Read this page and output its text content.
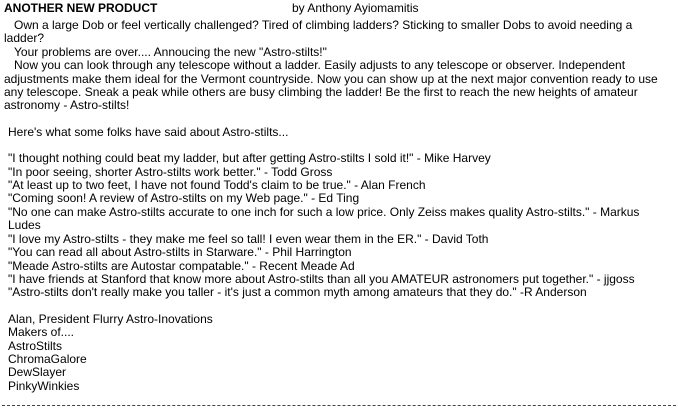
ANOTHER NEW PRODUCT	by Anthony Ayiomamitis

Own a large Dob or feel vertically challenged? Tired of climbing ladders? Sticking to smaller Dobs to avoid needing a ladder?

Your problems are over.... Annoucing the new "Astro-stilts!"

Now you can look through any telescope without a ladder. Easily adjusts to any telescope or observer. Independent adjustments make them ideal for the Vermont countryside. Now you can show up at the next major convention ready to use any telescope. Sneak a peak while others are busy climbing the ladder! Be the first to reach the new heights of amateur astronomy - Astro-stilts!

Here's what some folks have said about Astro-stilts...
"I thought nothing could beat my ladder, but after getting Astro-stilts I sold it!" - Mike Harvey
"In poor seeing, shorter Astro-stilts work better." - Todd Gross
"At least up to two feet, I have not found Todd's claim to be true." - Alan French
"Coming soon! A review of Astro-stilts on my Web page." - Ed Ting
"No one can make Astro-stilts accurate to one inch for such a low price. Only Zeiss makes quality Astro-stilts." - Markus Ludes
"I love my Astro-stilts - they make me feel so tall! I even wear them in the ER." - David Toth
"You can read all about Astro-stilts in Starware." - Phil Harrington
"Meade Astro-stilts are Autostar compatable." - Recent Meade Ad
"I have friends at Stanford that know more about Astro-stilts than all you AMATEUR astronomers put together." - jjgoss
"Astro-stilts don't really make you taller - it's just a common myth among amateurs that they do." -R Anderson
Alan, President Flurry Astro-Inovations
Makers of....
AstroStilts
ChromaGalore
DewSlayer
PinkyWinkies
